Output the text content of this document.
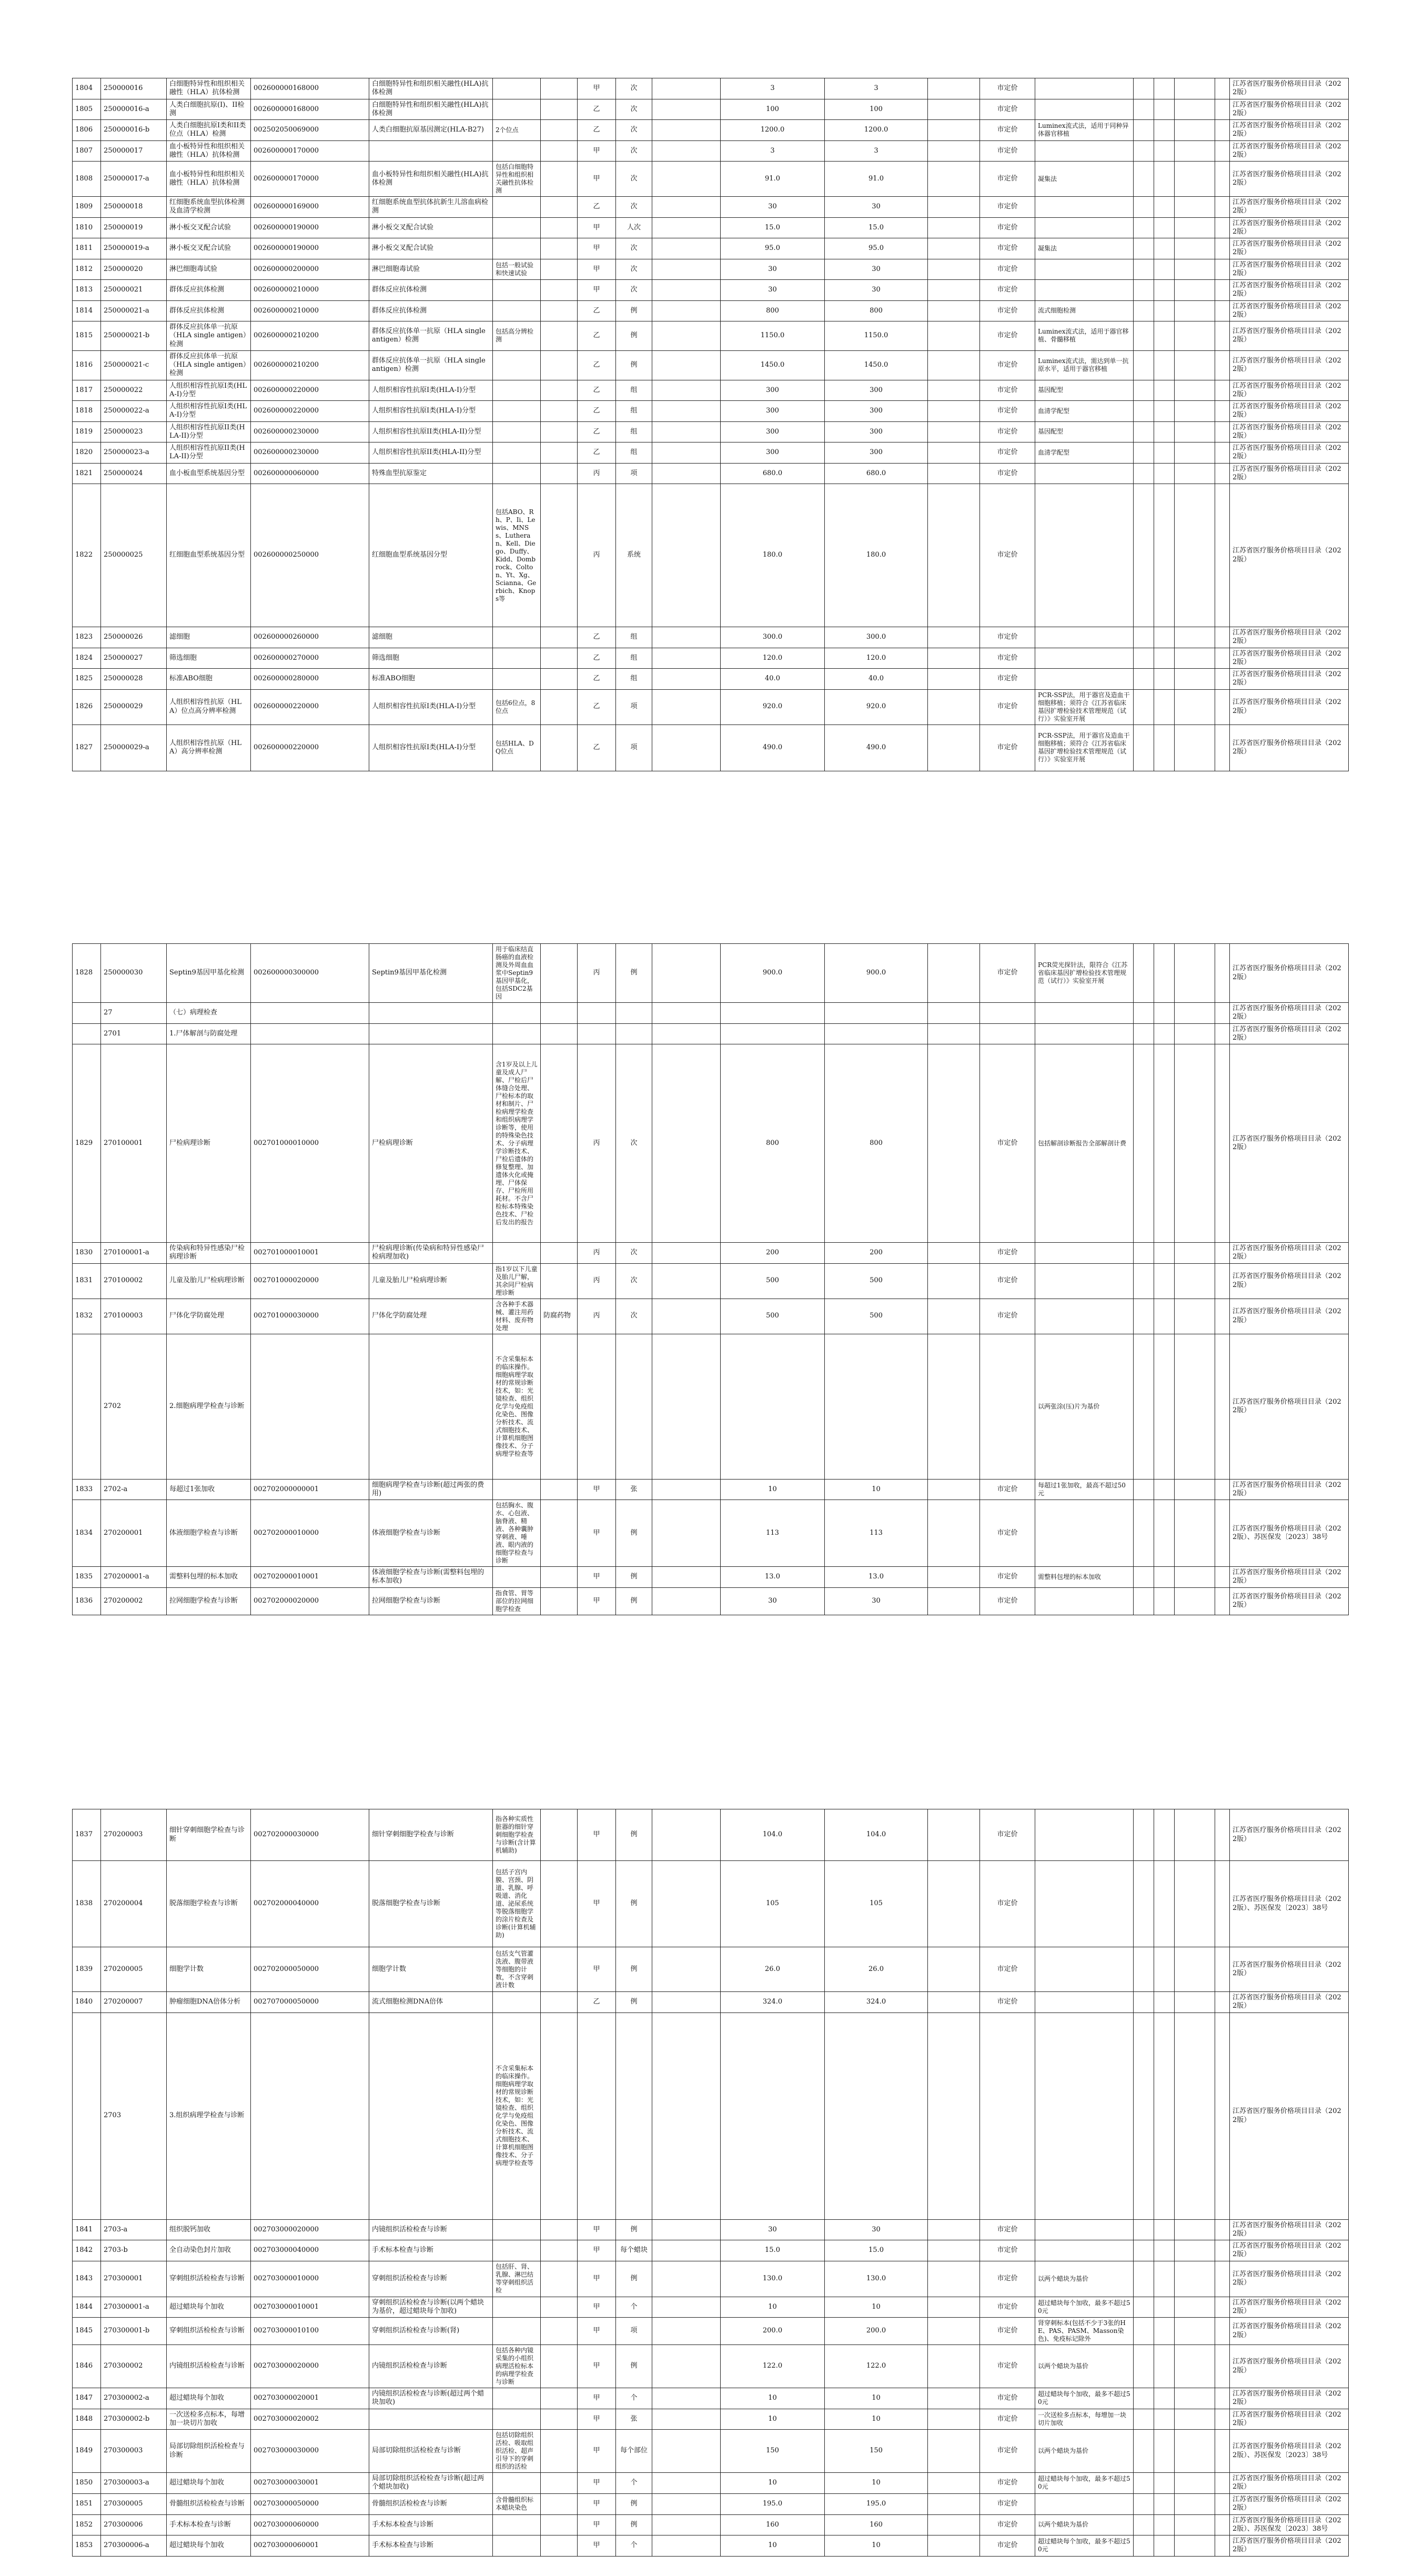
1804	250000016	白细胞特异性和组织相关融性（HLA）抗体检测	002600000168000	白细胞特异性和组织相关融性(HLA)抗体检测			甲	次		3	3		市定价						江苏省医疗服务价格项目目录（2022版）
1805	250000016-a	人类白细胞抗原(I)、II检测	002600000168000	白细胞特异性和组织相关融性(HLA)抗体检测			乙	次		100	100		市定价						江苏省医疗服务价格项目目录（2022版）
1806	250000016-b	人类白细胞抗原I类和II类位点（HLA）检测	002502050069000	人类白细胞抗原基因测定(HLA-B27)	2个位点		乙	次		1200.0	1200.0		市定价	Luminex流式法，适用于同种异体器官移植					江苏省医疗服务价格项目目录（2022版）
1807	250000017	血小板特异性和组织相关融性（HLA）抗体检测	002600000170000				甲	次		3	3		市定价						江苏省医疗服务价格项目目录（2022版）
1808	250000017-a	血小板特异性和组织相关融性（HLA）抗体检测	002600000170000	血小板特异性和组织相关融性(HLA)抗体检测	包括白细胞特异性和组织相关融性抗体检测		甲	次		91.0	91.0		市定价	凝集法					江苏省医疗服务价格项目目录（2022版）
1809	250000018	红细胞系统血型抗体检测及血清学检测	002600000169000	红细胞系统血型抗体抗新生儿溶血病检测			乙	次		30	30		市定价						江苏省医疗服务价格项目目录（2022版）
1810	250000019	淋小板交叉配合试验	002600000190000	淋小板交叉配合试验			甲	人次		15.0	15.0		市定价						江苏省医疗服务价格项目目录（2022版）
1811	250000019-a	淋小板交叉配合试验	002600000190000	淋小板交叉配合试验			甲	次		95.0	95.0		市定价	凝集法					江苏省医疗服务价格项目目录（2022版）
1812	250000020	淋巴细胞毒试验	002600000200000	淋巴细胞毒试验	包括一般试验和快速试验		甲	次		30	30		市定价						江苏省医疗服务价格项目目录（2022版）
1813	250000021	群体反应抗体检测	002600000210000	群体反应抗体检测			甲	次		30	30		市定价						江苏省医疗服务价格项目目录（2022版）
1814	250000021-a	群体反应抗体检测	002600000210000	群体反应抗体检测			乙	例		800	800		市定价	流式细胞检测					江苏省医疗服务价格项目目录（2022版）
1815	250000021-b	群体反应抗体单一抗原（HLA single antigen）检测	002600000210200	群体反应抗体单一抗原（HLA single antigen）检测	包括高分辨检测		乙	例		1150.0	1150.0		市定价	Luminex流式法，适用于器官移植、骨髓移植					江苏省医疗服务价格项目目录（2022版）
1816	250000021-c	群体反应抗体单一抗原（HLA single antigen）检测	002600000210200	群体反应抗体单一抗原（HLA single antigen）检测			乙	例		1450.0	1450.0		市定价	Luminex流式法，需达到单一抗原水平，适用于器官移植					江苏省医疗服务价格项目目录（2022版）
1817	250000022	人组织相容性抗原I类(HLA-I)分型	002600000220000	人组织相容性抗原I类(HLA-I)分型			乙	组		300	300		市定价	基因配型					江苏省医疗服务价格项目目录（2022版）
1818	250000022-a	人组织相容性抗原I类(HLA-I)分型	002600000220000	人组织相容性抗原I类(HLA-I)分型			乙	组		300	300		市定价	血清学配型					江苏省医疗服务价格项目目录（2022版）
1819	250000023	人组织相容性抗原II类(HLA-II)分型	002600000230000	人组织相容性抗原II类(HLA-II)分型			乙	组		300	300		市定价	基因配型					江苏省医疗服务价格项目目录（2022版）
1820	250000023-a	人组织相容性抗原II类(HLA-II)分型	002600000230000	人组织相容性抗原II类(HLA-II)分型			乙	组		300	300		市定价	血清学配型					江苏省医疗服务价格项目目录（2022版）
1821	250000024	血小板血型系统基因分型	002600000060000	特殊血型抗原鉴定			丙	项		680.0	680.0		市定价						江苏省医疗服务价格项目目录（2022版）
1822	250000025	红细胞血型系统基因分型	002600000250000	红细胞血型系统基因分型	包括ABO、Rh、P、Ii、Lewis、MNSs、Lutheran、Kell、Diego、Duffy、Kidd、Dombrock、Colton、Yt、Xg、Scianna、Gerbich、Knops等		丙	系统		180.0	180.0		市定价						江苏省医疗服务价格项目目录（2022版）
1823	250000026	滤细胞	002600000260000	滤细胞			乙	组		300.0	300.0		市定价						江苏省医疗服务价格项目目录（2022版）
1824	250000027	筛选细胞	002600000270000	筛选细胞			乙	组		120.0	120.0		市定价						江苏省医疗服务价格项目目录（2022版）
1825	250000028	标准ABO细胞	002600000280000	标准ABO细胞			乙	组		40.0	40.0		市定价						江苏省医疗服务价格项目目录（2022版）
1826	250000029	人组织相容性抗原（HLA）位点高分辨率检测	002600000220000	人组织相容性抗原I类(HLA-I)分型	包括6位点，8位点		乙	项		920.0	920.0		市定价	PCR-SSP法，用于器官及造血干细胞移植；须符合《江苏省临床基因扩增检验技术管理规范（试行）》实验室开展					江苏省医疗服务价格项目目录（2022版）
1827	250000029-a	人组织相容性抗原（HLA）高分辨率检测	002600000220000	人组织相容性抗原I类(HLA-I)分型	包括HLA、DQ位点		乙	项		490.0	490.0		市定价	PCR-SSP法，用于器官及造血干细胞移植；须符合《江苏省临床基因扩增检验技术管理规范（试行）》实验室开展					江苏省医疗服务价格项目目录（2022版）
1828	250000030	Septin9基因甲基化检测	002600000300000	Septin9基因甲基化检测	用于临床结直肠癌的血液检测及外周血血浆中Septin9基因甲基化，包括SDC2基因		丙	例		900.0	900.0		市定价	PCR荧光探针法，限符合《江苏省临床基因扩增检验技术管理规范（试行）》实验室开展					江苏省医疗服务价格项目目录（2022版）
	27	（七）病理检查																	江苏省医疗服务价格项目目录（2022版）
	2701	1.尸体解剖与防腐处理																	江苏省医疗服务价格项目目录（2022版）
1829	270100001	尸检病理诊断	002701000010000	尸检病理诊断	含1岁及以上儿童及成人尸解、尸检后尸体缝合处理、尸检标本的取材和制片、尸检病理学检查和组织病理学诊断等，使用的特殊染色技术、分子病理学诊断技术、尸检后遗体的修复整理、加遗体火化或掩埋、尸体保存、尸检所用耗材。不含尸检标本特殊染色技术、尸检后发出的报告		丙	次		800	800		市定价	包括解剖诊断报告全部解剖计费					江苏省医疗服务价格项目目录（2022版）
1830	270100001-a	传染病和特异性感染尸检病理诊断	002701000010001	尸检病理诊断(传染病和特异性感染尸检病理加收)			丙	次		200	200		市定价						江苏省医疗服务价格项目目录（2022版）
1831	270100002	儿童及胎儿尸检病理诊断	002701000020000	儿童及胎儿尸检病理诊断	指1岁以下儿童及胎儿尸解，其余同尸检病理诊断		丙	次		500	500		市定价						江苏省医疗服务价格项目目录（2022版）
1832	270100003	尸体化学防腐处理	002701000030000	尸体化学防腐处理	含各种手术器械、灌注用药材料、废弃物处理	防腐药物	丙	次		500	500		市定价						江苏省医疗服务价格项目目录（2022版）
	2702	2.细胞病理学检查与诊断			不含采集标本的临床操作。细胞病理学取材的常规诊断技术，如：光镜检查、组织化学与免疫组化染色、图像分析技术、流式细胞技术、计算机细胞图像技术、分子病理学检查等									以两张涂(压)片为基价					江苏省医疗服务价格项目目录（2022版）
1833	2702-a	每超过1张加收	002702000000001	细胞病理学检查与诊断(超过两张的费用)			甲	张		10	10		市定价	每超过1张加收，最高不超过50元					江苏省医疗服务价格项目目录（2022版）
1834	270200001	体液细胞学检查与诊断	002702000010000	体液细胞学检查与诊断	包括胸水、腹水、心包液、脑脊液、精液、各种囊肿穿刺液、唾液、眼内液的细胞学检查与诊断		甲	例		113	113		市定价						江苏省医疗服务价格项目目录（2022版）、苏医保发〔2023〕38号
1835	270200001-a	需整料包埋的标本加收	002702000010001	体液细胞学检查与诊断(需整料包埋的标本加收)			甲	例		13.0	13.0		市定价	需整料包埋的标本加收					江苏省医疗服务价格项目目录（2022版）
1836	270200002	拉网细胞学检查与诊断	002702000020000	拉网细胞学检查与诊断	指食管、胃等部位的拉网细胞学检查		甲	例		30	30		市定价						江苏省医疗服务价格项目目录（2022版）
1837	270200003	细针穿刺细胞学检查与诊断	002702000030000	细针穿刺细胞学检查与诊断	指各种实质性脏器的细针穿刺细胞学检查与诊断(含计算机辅助)		甲	例		104.0	104.0		市定价						江苏省医疗服务价格项目目录（2022版）
1838	270200004	脱落细胞学检查与诊断	002702000040000	脱落细胞学检查与诊断	包括子宫内膜、宫颈、阴道、乳腺、呼吸道、消化道、泌尿系统等脱落细胞学的涂片检查及诊断(计算机辅助)		甲	例		105	105		市定价						江苏省医疗服务价格项目目录（2022版）、苏医保发〔2023〕38号
1839	270200005	细胞学计数	002702000050000	细胞学计数	包括支气管灌洗液、腹带液等细胞的计数，不含穿刺液计数		甲	例		26.0	26.0		市定价						江苏省医疗服务价格项目目录（2022版）
1840	270200007	肿瘤细胞DNA倍体分析	002707000050000	流式细胞检测DNA倍体			乙	例		324.0	324.0		市定价						江苏省医疗服务价格项目目录（2022版）
	2703	3.组织病理学检查与诊断			不含采集标本的临床操作。细胞病理学取材的常规诊断技术，如：光镜检查、组织化学与免疫组化染色、图像分析技术、流式细胞技术、计算机细胞图像技术、分子病理学检查等														江苏省医疗服务价格项目目录（2022版）
1841	2703-a	组织脱钙加收	002703000020000	内镜组织活检检查与诊断			甲	例		30	30		市定价						江苏省医疗服务价格项目目录（2022版）
1842	2703-b	全自动染色封片加收	002703000040000	手术标本检查与诊断			甲	每个蜡块		15.0	15.0		市定价						江苏省医疗服务价格项目目录（2022版）
1843	270300001	穿刺组织活检检查与诊断	002703000010000	穿刺组织活检检查与诊断	包括肝、肾、乳腺、淋巴结等穿刺组织活检		甲	例		130.0	130.0		市定价	以两个蜡块为基价					江苏省医疗服务价格项目目录（2022版）
1844	270300001-a	超过蜡块每个加收	002703000010001	穿刺组织活检检查与诊断(以两个蜡块为基价，超过蜡块每个加收)			甲	个		10	10		市定价	超过蜡块每个加收，最多不超过50元					江苏省医疗服务价格项目目录（2022版）
1845	270300001-b	穿刺组织活检检查与诊断	002703000010100	穿刺组织活检检查与诊断(肾)			甲	项		200.0	200.0		市定价	肾穿刺标本(包括不少于3张的HE、PAS、PASM、Masson染色)、免疫标记除外					江苏省医疗服务价格项目目录（2022版）
1846	270300002	内镜组织活检检查与诊断	002703000020000	内镜组织活检检查与诊断	包括各种内镜采集的小组织病理活检标本的病理学检查与诊断		甲	例		122.0	122.0		市定价	以两个蜡块为基价					江苏省医疗服务价格项目目录（2022版）
1847	270300002-a	超过蜡块每个加收	002703000020001	内镜组织活检检查与诊断(超过两个蜡块加收)			甲	个		10	10		市定价	超过蜡块每个加收，最多不超过50元					江苏省医疗服务价格项目目录（2022版）
1848	270300002-b	一次送检多点标本，每增加一块切片加收	002703000020002				甲	张		10	10		市定价	一次送检多点标本，每增加一块切片加收					江苏省医疗服务价格项目目录（2022版）
1849	270300003	局部切除组织活检检查与诊断	002703000030000	局部切除组织活检检查与诊断	包括切除组织活检、吸取组织活检、超声引导下的穿刺组织的活检		甲	每个部位		150	150		市定价	以两个蜡块为基价					江苏省医疗服务价格项目目录（2022版）、苏医保发〔2023〕38号
1850	270300003-a	超过蜡块每个加收	002703000030001	局部切除组织活检检查与诊断(超过两个蜡块加收)			甲	个		10	10		市定价	超过蜡块每个加收，最多不超过50元					江苏省医疗服务价格项目目录（2022版）
1851	270300005	骨髓组织活检检查与诊断	002703000050000	骨髓组织活检检查与诊断	含骨髓组织标本蜡块染色		甲	例		195.0	195.0		市定价						江苏省医疗服务价格项目目录（2022版）
1852	270300006	手术标本检查与诊断	002703000060000	手术标本检查与诊断			甲	例		160	160		市定价	以两个蜡块为基价					江苏省医疗服务价格项目目录（2022版）、苏医保发〔2023〕38号
1853	270300006-a	超过蜡块每个加收	002703000060001	手术标本检查与诊断			甲	个		10	10		市定价	超过蜡块每个加收，最多不超过50元					江苏省医疗服务价格项目目录（2022版）
